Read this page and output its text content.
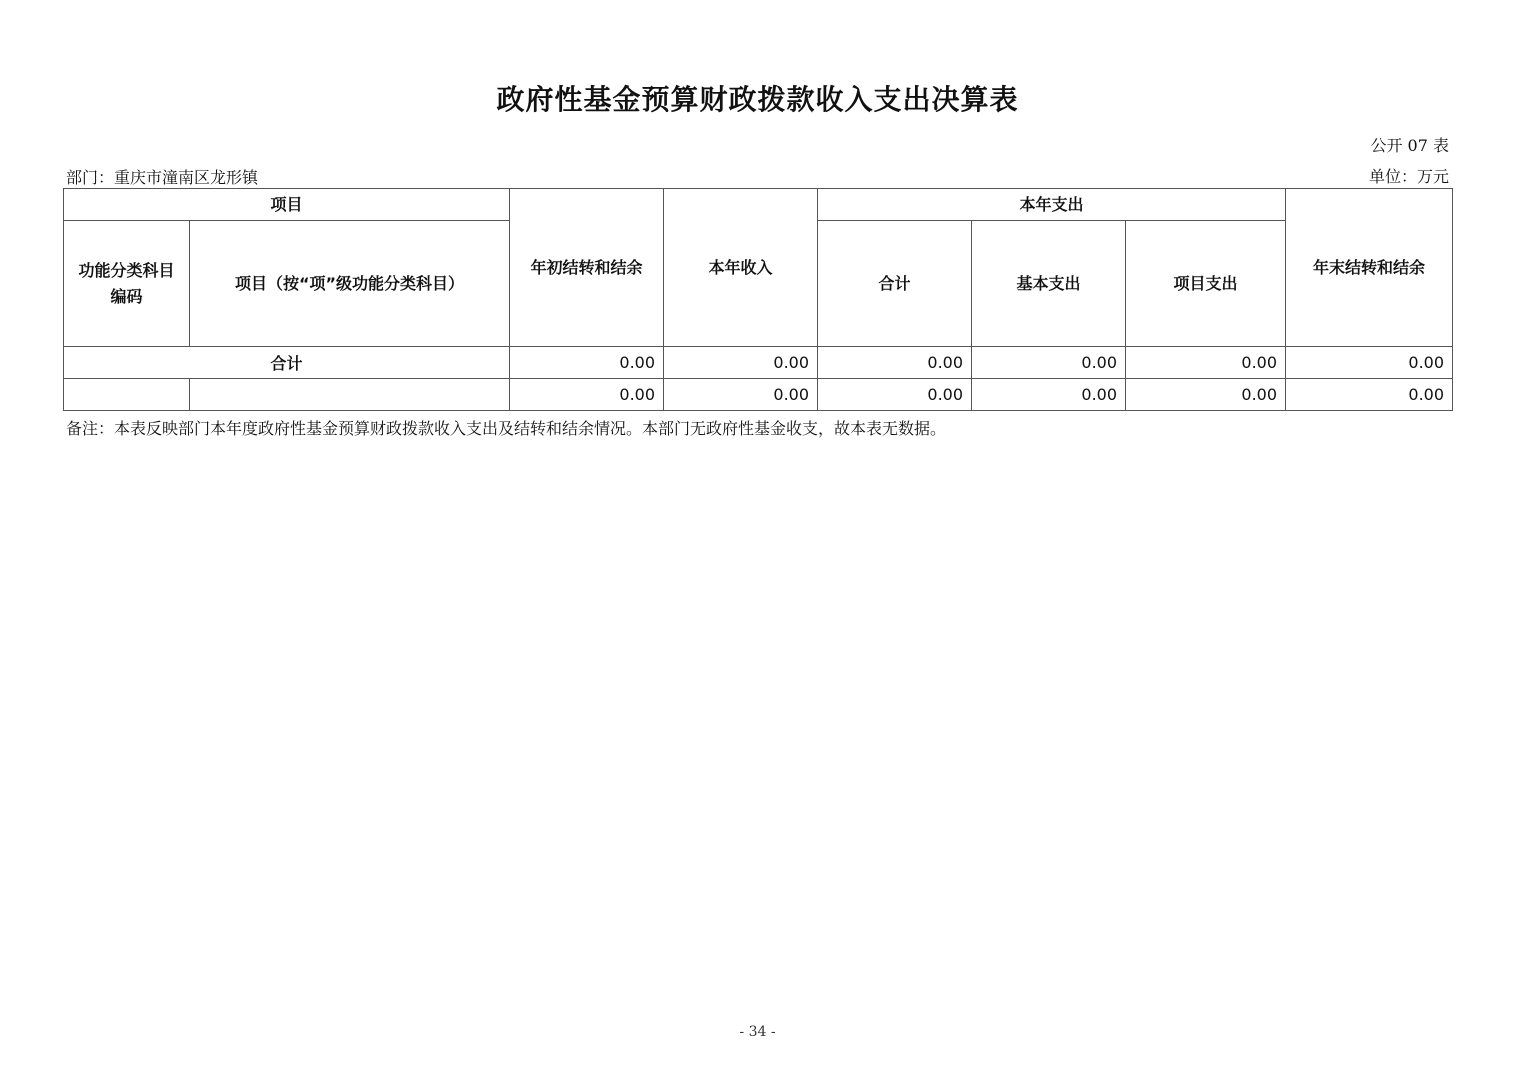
政府性基金预算财政拨款收入支出决算表
公开 07 表
部门：重庆市潼南区龙形镇	单位：万元
项目		年初结转和结余	本年收入	本年支出			年末结转和结余
功能分类科目编码	项目（按“项”级功能分类科目）			合计	基本支出	项目支出	
合计		0.00	0.00	0.00	0.00	0.00	0.00
		0.00	0.00	0.00	0.00	0.00	0.00
备注：本表反映部门本年度政府性基金预算财政拨款收入支出及结转和结余情况。本部门无政府性基金收支，故本表无数据。
- 34 -
